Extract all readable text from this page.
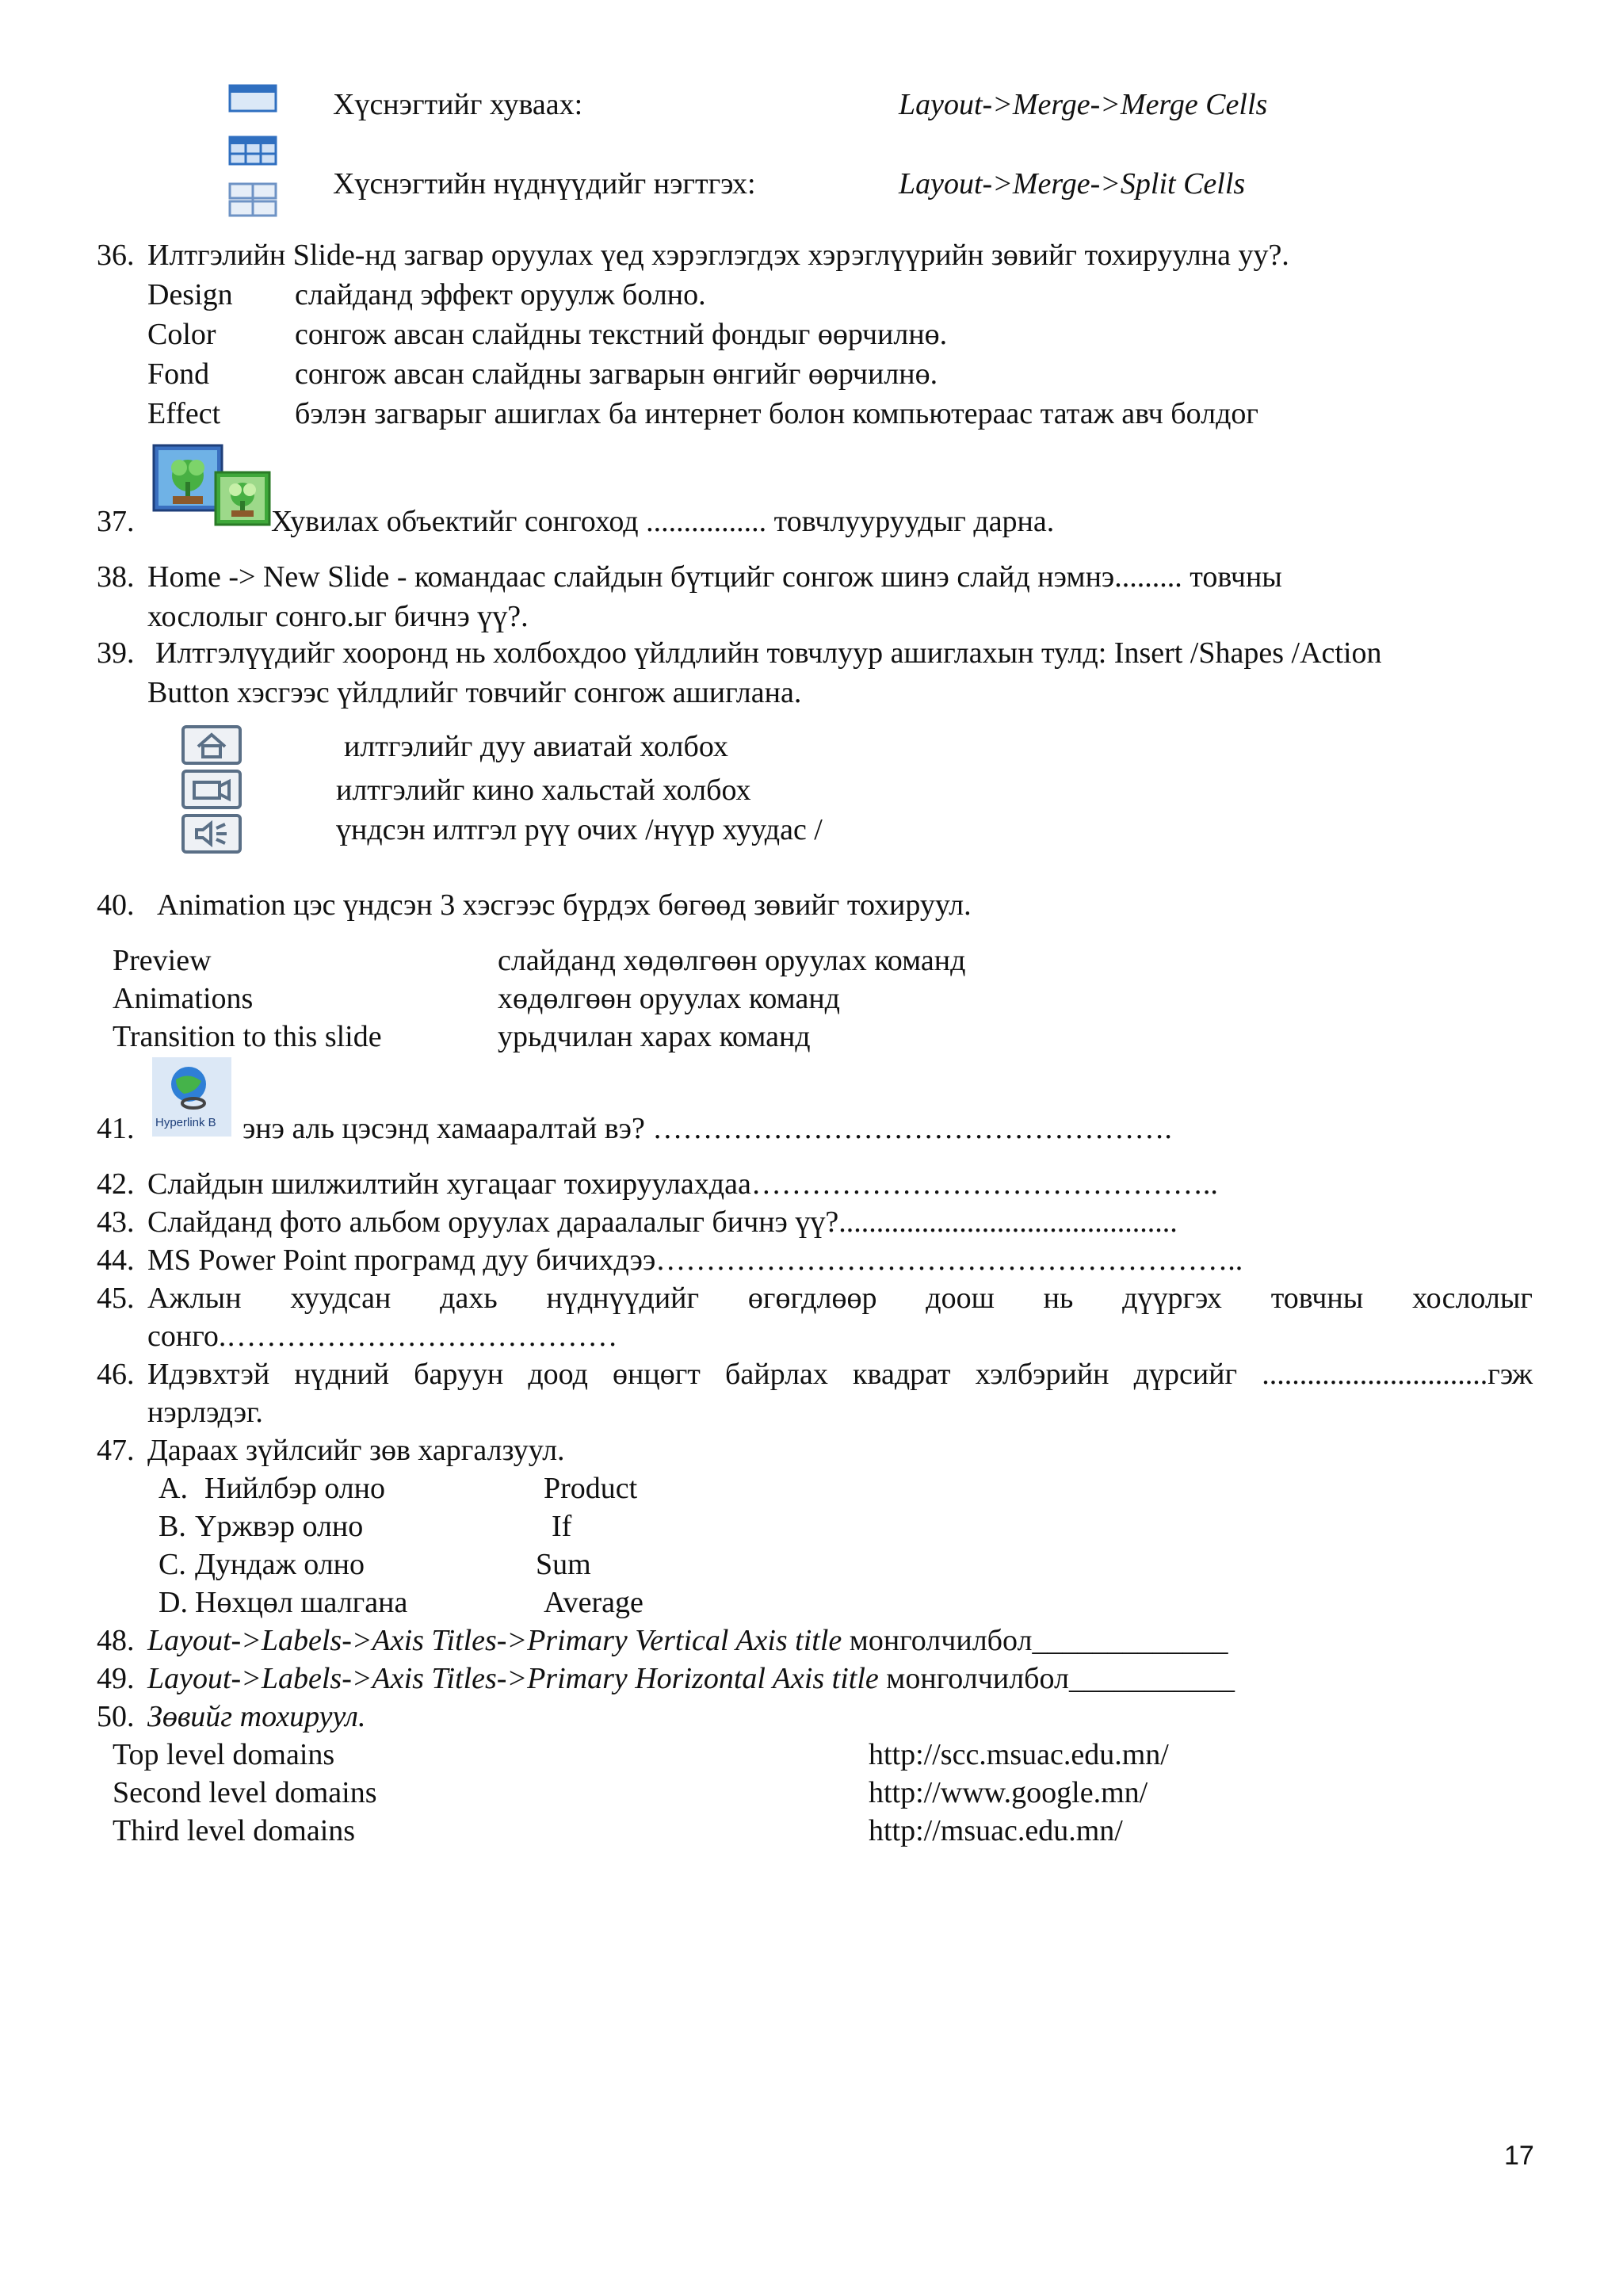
Хүснэгтийг хуваах:	Layout->Merge->Merge Cells
Хүснэгтийн нүднүүдийг нэгтгэх:	Layout->Merge->Split Cells
36. Илтгэлийн Slide-нд загвар оруулах үед хэрэглэгдэх хэрэглүүрийн зөвийг тохируулна уу?.
Design слайданд эффект оруулж болно.
Color	сонгож авсан слайдны текстний фондыг өөрчилнө.
Fond	сонгож авсан слайдны загварын өнгийг өөрчилнө.
Effect бэлэн загварыг ашиглах ба интернет болон компьютераас татаж авч болдог
37.	Хувилах объектийг сонгоход ................ товчлууруудыг дарна.
38. Home -> New Slide - командаас слайдын бүтцийг сонгож шинэ слайд нэмнэ......... товчны
хослолыг сонго.ыг бичнэ үү?.
39. Илтгэлүүдийг хооронд нь холбохдоо үйлдлийн товчлуур ашиглахын тулд: Insert /Shapes /Action
Button хэсгээс үйлдлийг товчийг сонгож ашиглана.
илтгэлийг дуу авиатай холбох
илтгэлийг кино хальстай холбох
үндсэн илтгэл рүү очих /нүүр хуудас /
40. Animation цэс үндсэн 3 хэсгээс бүрдэх бөгөөд зөвийг тохируул.
Preview	слайданд хөдөлгөөн оруулах команд
Animations	хөдөлгөөн оруулах команд
Transition to this slide	урьдчилан харах команд
41. Hyperlink B энэ аль цэсэнд хамааралтай вэ? …………………………………………….
42. Слайдын шилжилтийн хугацааг тохируулахдаа………………………………………..
43. Слайданд фото альбом оруулах дараалалыг бичнэ үү?.............................................
44. MS Power Point програмд дуу бичихдээ…………………………………………………..
45. Ажлын хуудсан дахь нүднүүдийг өгөгдлөөр доош нь дүүргэх товчны хослолыг
сонго.…………………………………
46. Идэвхтэй нүдний баруун доод өнцөгт байрлах квадрат хэлбэрийн дүрсийг ..............................гэж
нэрлэдэг.
47. Дараах зүйлсийг зөв харгалзуул.
A. Нийлбэр олно	Product
B. Үржвэр олно	If
C. Дундаж олно	Sum
D. Нөхцөл шалгана	Average
48. Layout->Labels->Axis Titles->Primary Vertical Axis title монголчилбол_____________
49. Layout->Labels->Axis Titles->Primary Horizontal Axis title монголчилбол___________
50. Зөвийг тохируул.
Top level domains	http://scc.msuac.edu.mn/
Second level domains	http://www.google.mn/
Third level domains	http://msuac.edu.mn/
17
